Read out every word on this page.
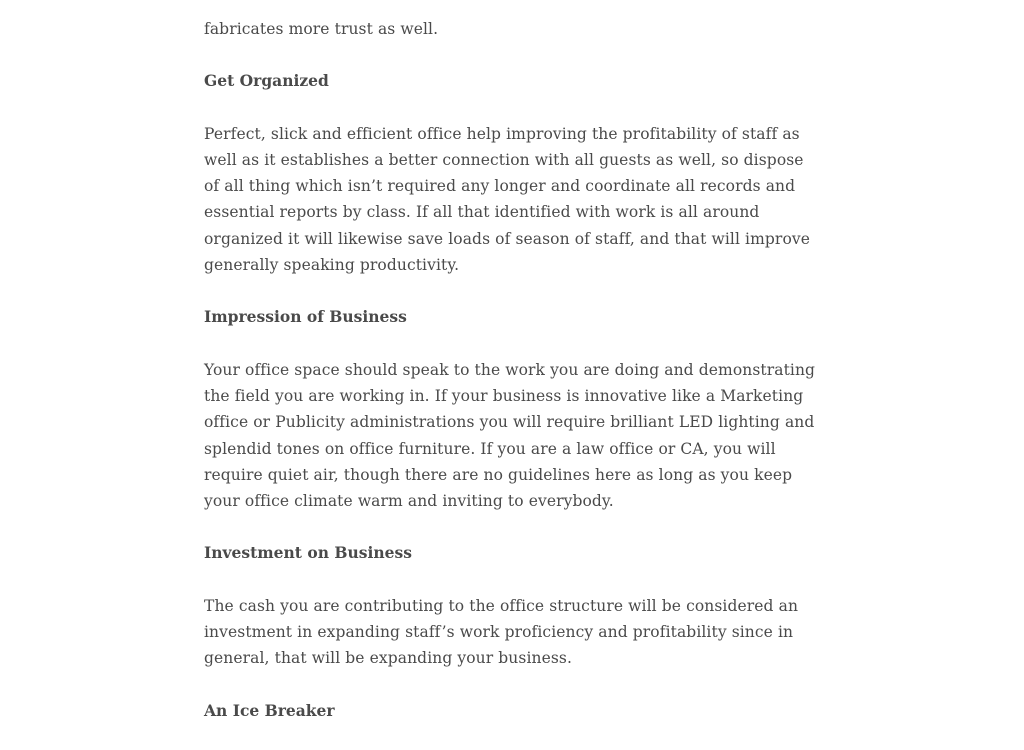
fabricates more trust as well.

Get Organized

Perfect, slick and efficient office help improving the profitability of staff as well as it establishes a better connection with all guests as well, so dispose of all thing which isn’t required any longer and coordinate all records and essential reports by class. If all that identified with work is all around organized it will likewise save loads of season of staff, and that will improve generally speaking productivity.

Impression of Business

Your office space should speak to the work you are doing and demonstrating the field you are working in. If your business is innovative like a Marketing office or Publicity administrations you will require brilliant LED lighting and splendid tones on office furniture. If you are a law office or CA, you will require quiet air, though there are no guidelines here as long as you keep your office climate warm and inviting to everybody.

Investment on Business

The cash you are contributing to the office structure will be considered an investment in expanding staff’s work proficiency and profitability since in general, that will be expanding your business.

An Ice Breaker
